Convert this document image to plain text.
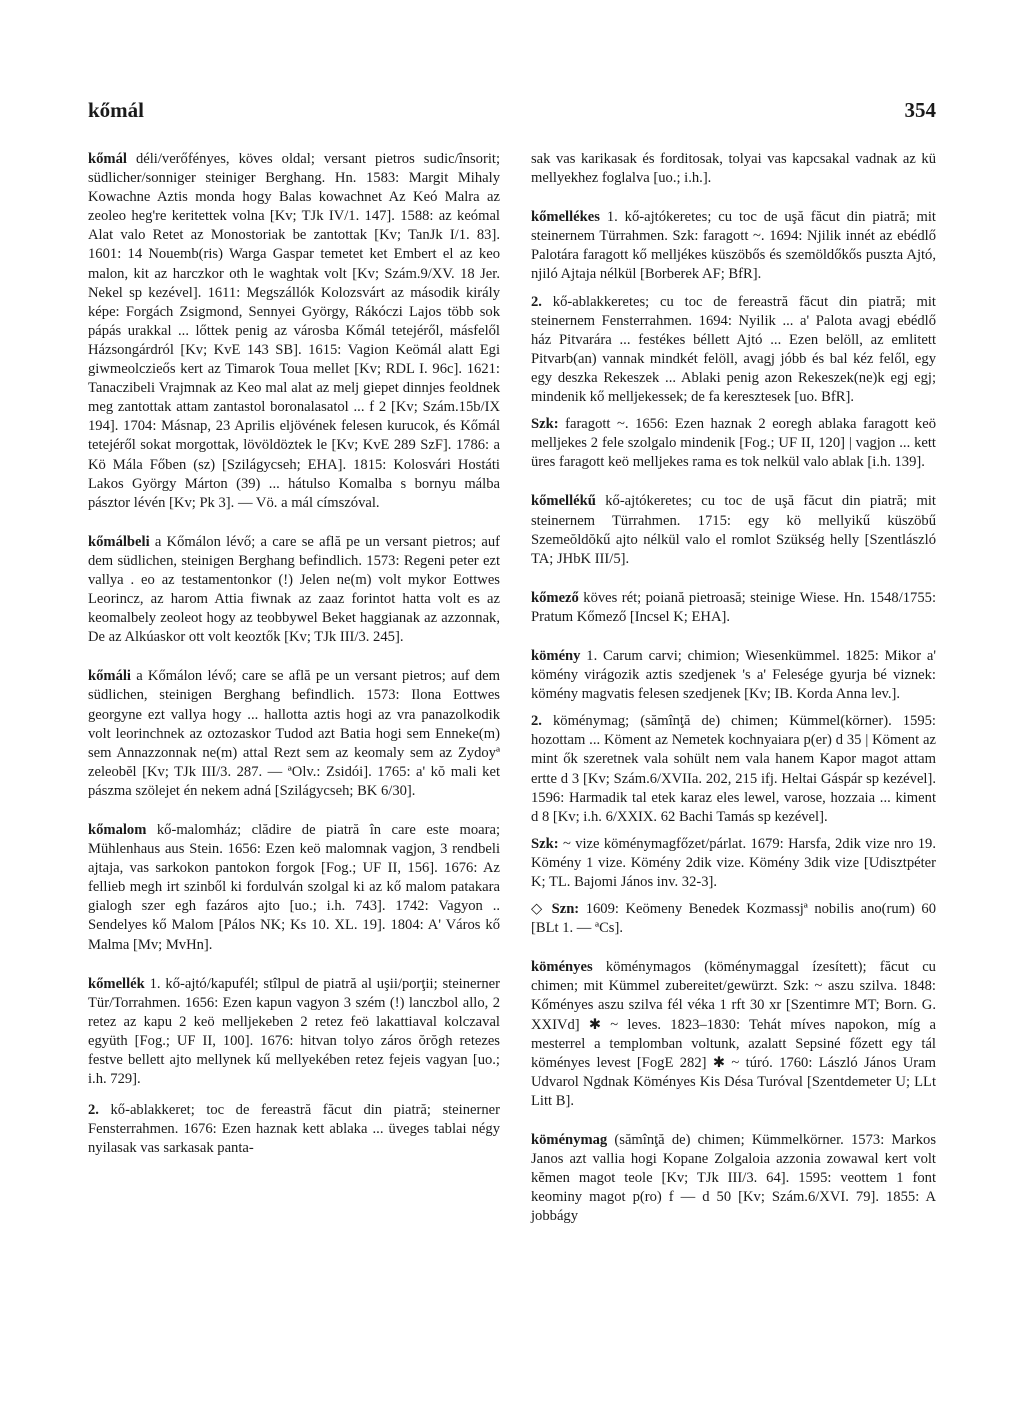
kőmál	354

kőmál déli/verőfényes, köves oldal; versant pietros sudic/însorit; südlicher/sonniger steiniger Berghang. Hn. 1583: Margit Mihaly Kowachne Aztis monda hogy Balas kowachnet Az Keó Malra az zeoleo heg're keritettek volna [Kv; TJk IV/1. 147]. 1588: az keómal Alat valo Retet az Monostoriak be zantottak [Kv; TanJk I/1. 83]. 1601: 14 Nouemb(ris) Warga Gaspar temetet ket Embert el az keo malon, kit az harczkor oth le waghtak volt [Kv; Szám.9/XV. 18 Jer. Nekel sp kezével]. 1611: Megszállók Kolozsvárt az második király képe: Forgách Zsigmond, Sennyei György, Rákóczi Lajos több sok pápás urakkal ... lőttek penig az városba Kőmál tetejéről, másfelől Házsongárdról [Kv; KvE 143 SB]. 1615: Vagion Keömál alatt Egi giwmeolczieős kert az Timarok Toua mellet [Kv; RDL I. 96c]. 1621: Tanaczibeli Vrajmnak az Keo mal alat az melj giepet dinnjes feoldnek meg zantottak attam zantastol boronalasatol ... f 2 [Kv; Szám.15b/IX 194]. 1704: Másnap, 23 Aprilis eljövének felesen kurucok, és Kőmál tetejéről sokat morgottak, lövöldöztek le [Kv; KvE 289 SzF]. 1786: a Kö Mála Főben (sz) [Szilágycseh; EHA]. 1815: Kolosvári Hostáti Lakos György Márton (39) ... hátulso Komalba s bornyu málba pásztor lévén [Kv; Pk 3]. — Vö. a mál címszóval.

kőmálbeli a Kőmálon lévő; a care se află pe un versant pietros; auf dem südlichen, steinigen Berghang befindlich. 1573: Regeni peter ezt vallya . eo az testamentonkor (!) Jelen ne(m) volt mykor Eottwes Leorincz, az harom Attia fiwnak az zaaz forintot hatta volt es az keomalbely zeoleot hogy az teobbywel Beket haggianak az azzonnak, De az Alkúaskor ott volt keoztők [Kv; TJk III/3. 245].

kőmáli a Kőmálon lévő; care se află pe un versant pietros; auf dem südlichen, steinigen Berghang befindlich. 1573: Ilona Eottwes georgyne ezt vallya hogy ... hallotta aztis hogi az vra panazolkodik volt leorinchnek az oztozaskor Tudod azt Batia hogi sem Enneke(m) sem Annazzonnak ne(m) attal Rezt sem az keomaly sem az Zydoyª zeleobĕl [Kv; TJk III/3. 287. — ªOlv.: Zsidói]. 1765: a' kŏ mali ket pászma szölejet én nekem adná [Szilágycseh; BK 6/30].

kőmalom kő-malomház; clădire de piatră în care este moara; Mühlenhaus aus Stein. 1656: Ezen keö malomnak vagjon, 3 rendbeli ajtaja, vas sarkokon pantokon forgok [Fog.; UF II, 156]. 1676: Az fellieb megh irt szinből ki fordulván szolgal ki az kő malom patakara gialogh szer egh fazáros ajto [uo.; i.h. 743]. 1742: Vagyon .. Sendelyes kő Malom [Pálos NK; Ks 10. XL. 19]. 1804: A' Város kő Malma [Mv; MvHn].

kőmellék 1. kő-ajtó/kapufél; stîlpul de piatră al uşii/porţii; steinerner Tür/Torrahmen. 1656: Ezen kapun vagyon 3 szém (!) lanczbol allo, 2 retez az kapu 2 keö melljekeben 2 retez feö lakattiaval kolczaval együth [Fog.; UF II, 100]. 1676: hitvan tolyo záros ŏrŏgh retezes festve bellett ajto mellynek kű mellyekében retez fejeis vagyan [uo.; i.h. 729].

2. kő-ablakkeret; toc de fereastră făcut din piatră; steinerner Fensterrahmen. 1676: Ezen haznak kett ablaka ... üveges tablai négy nyilasak vas sarkasak panta-

sak vas karikasak és forditosak, tolyai vas kapcsakal vadnak az kü mellyekhez foglalva [uo.; i.h.].

kőmellékes 1. kő-ajtókeretes; cu toc de uşă făcut din piatră; mit steinernem Türrahmen. Szk: faragott ~. 1694: Njilik innét az ebédlő Palotára faragott kő melljékes küszöbős és szemöldőkős puszta Ajtó, njiló Ajtaja nélkül [Borberek AF; BfR].

2. kő-ablakkeretes; cu toc de fereastră făcut din piatră; mit steinernem Fensterrahmen. 1694: Nyilik ... a' Palota avagj ebédlő ház Pitvarára ... festékes béllett Ajtó ... Ezen belöll, az emlitett Pitvarb(an) vannak mindkét felöll, avagj jóbb és bal kéz felől, egy egy deszka Rekeszek ... Ablaki penig azon Rekeszek(ne)k egj egj; mindenik kő melljekessek; de fa keresztesek [uo. BfR].

Szk: faragott ~. 1656: Ezen haznak 2 eoregh ablaka faragott keö melljekes 2 fele szolgalo mindenik [Fog.; UF II, 120] | vagjon ... kett üres faragott keö melljekes rama es tok nelkül valo ablak [i.h. 139].

kőmellékű kő-ajtókeretes; cu toc de uşă făcut din piatră; mit steinernem Türrahmen. 1715: egy kö mellyikű küszöbű Szemeŏldŏkű ajto nélkül valo el romlot Szükség helly [Szentlászló TA; JHbK III/5].

kőmező köves rét; poiană pietroasă; steinige Wiese. Hn. 1548/1755: Pratum Kőmező [Incsel K; EHA].

kömény 1. Carum carvi; chimion; Wiesenkümmel. 1825: Mikor a' kömény virágozik aztis szedjenek 's a' Felesége gyurja bé viznek: kömény magvatis felesen szedjenek [Kv; IB. Korda Anna lev.].

2. köménymag; (sămînţă de) chimen; Kümmel(körner). 1595: hozottam ... Köment az Nemetek kochnyaiara p(er) d 35 | Köment az mint ők szeretnek vala sohült nem vala hanem Kapor magot attam ertte d 3 [Kv; Szám.6/XVIIa. 202, 215 ifj. Heltai Gáspár sp kezével]. 1596: Harmadik tal etek karaz eles lewel, varose, hozzaia ... kiment d 8 [Kv; i.h. 6/XXIX. 62 Bachi Tamás sp kezével].

Szk: ~ vize köménymagfőzet/párlat. 1679: Harsfa, 2dik vize nro 19. Kömény 1 vize. Kömény 2dik vize. Kömény 3dik vize [Udisztpéter K; TL. Bajomi János inv. 32-3].

◇ Szn: 1609: Keömeny Benedek Kozmassjª nobilis ano(rum) 60 [BLt 1. — ªCs].

köményes köménymagos (köménymaggal ízesített); făcut cu chimen; mit Kümmel zubereitet/gewürzt. Szk: ~ aszu szilva. 1848: Kőményes aszu szilva fél véka 1 rft 30 xr [Szentimre MT; Born. G. XXIVd] ✱ ~ leves. 1823–1830: Tehát míves napokon, míg a mesterrel a templomban voltunk, azalatt Sepsiné főzett egy tál köményes levest [FogE 282] ✱ ~ túró. 1760: László János Uram Udvarol Ngdnak Köményes Kis Désa Turóval [Szentdemeter U; LLt Litt B].

köménymag (sămînţă de) chimen; Kümmelkörner. 1573: Markos Janos azt vallia hogi Kopane Zolgaloia azzonia zowawal kert volt kĕmen magot teole [Kv; TJk III/3. 64]. 1595: veottem 1 font keominy magot p(ro) f — d 50 [Kv; Szám.6/XVI. 79]. 1855: A jobbágy
